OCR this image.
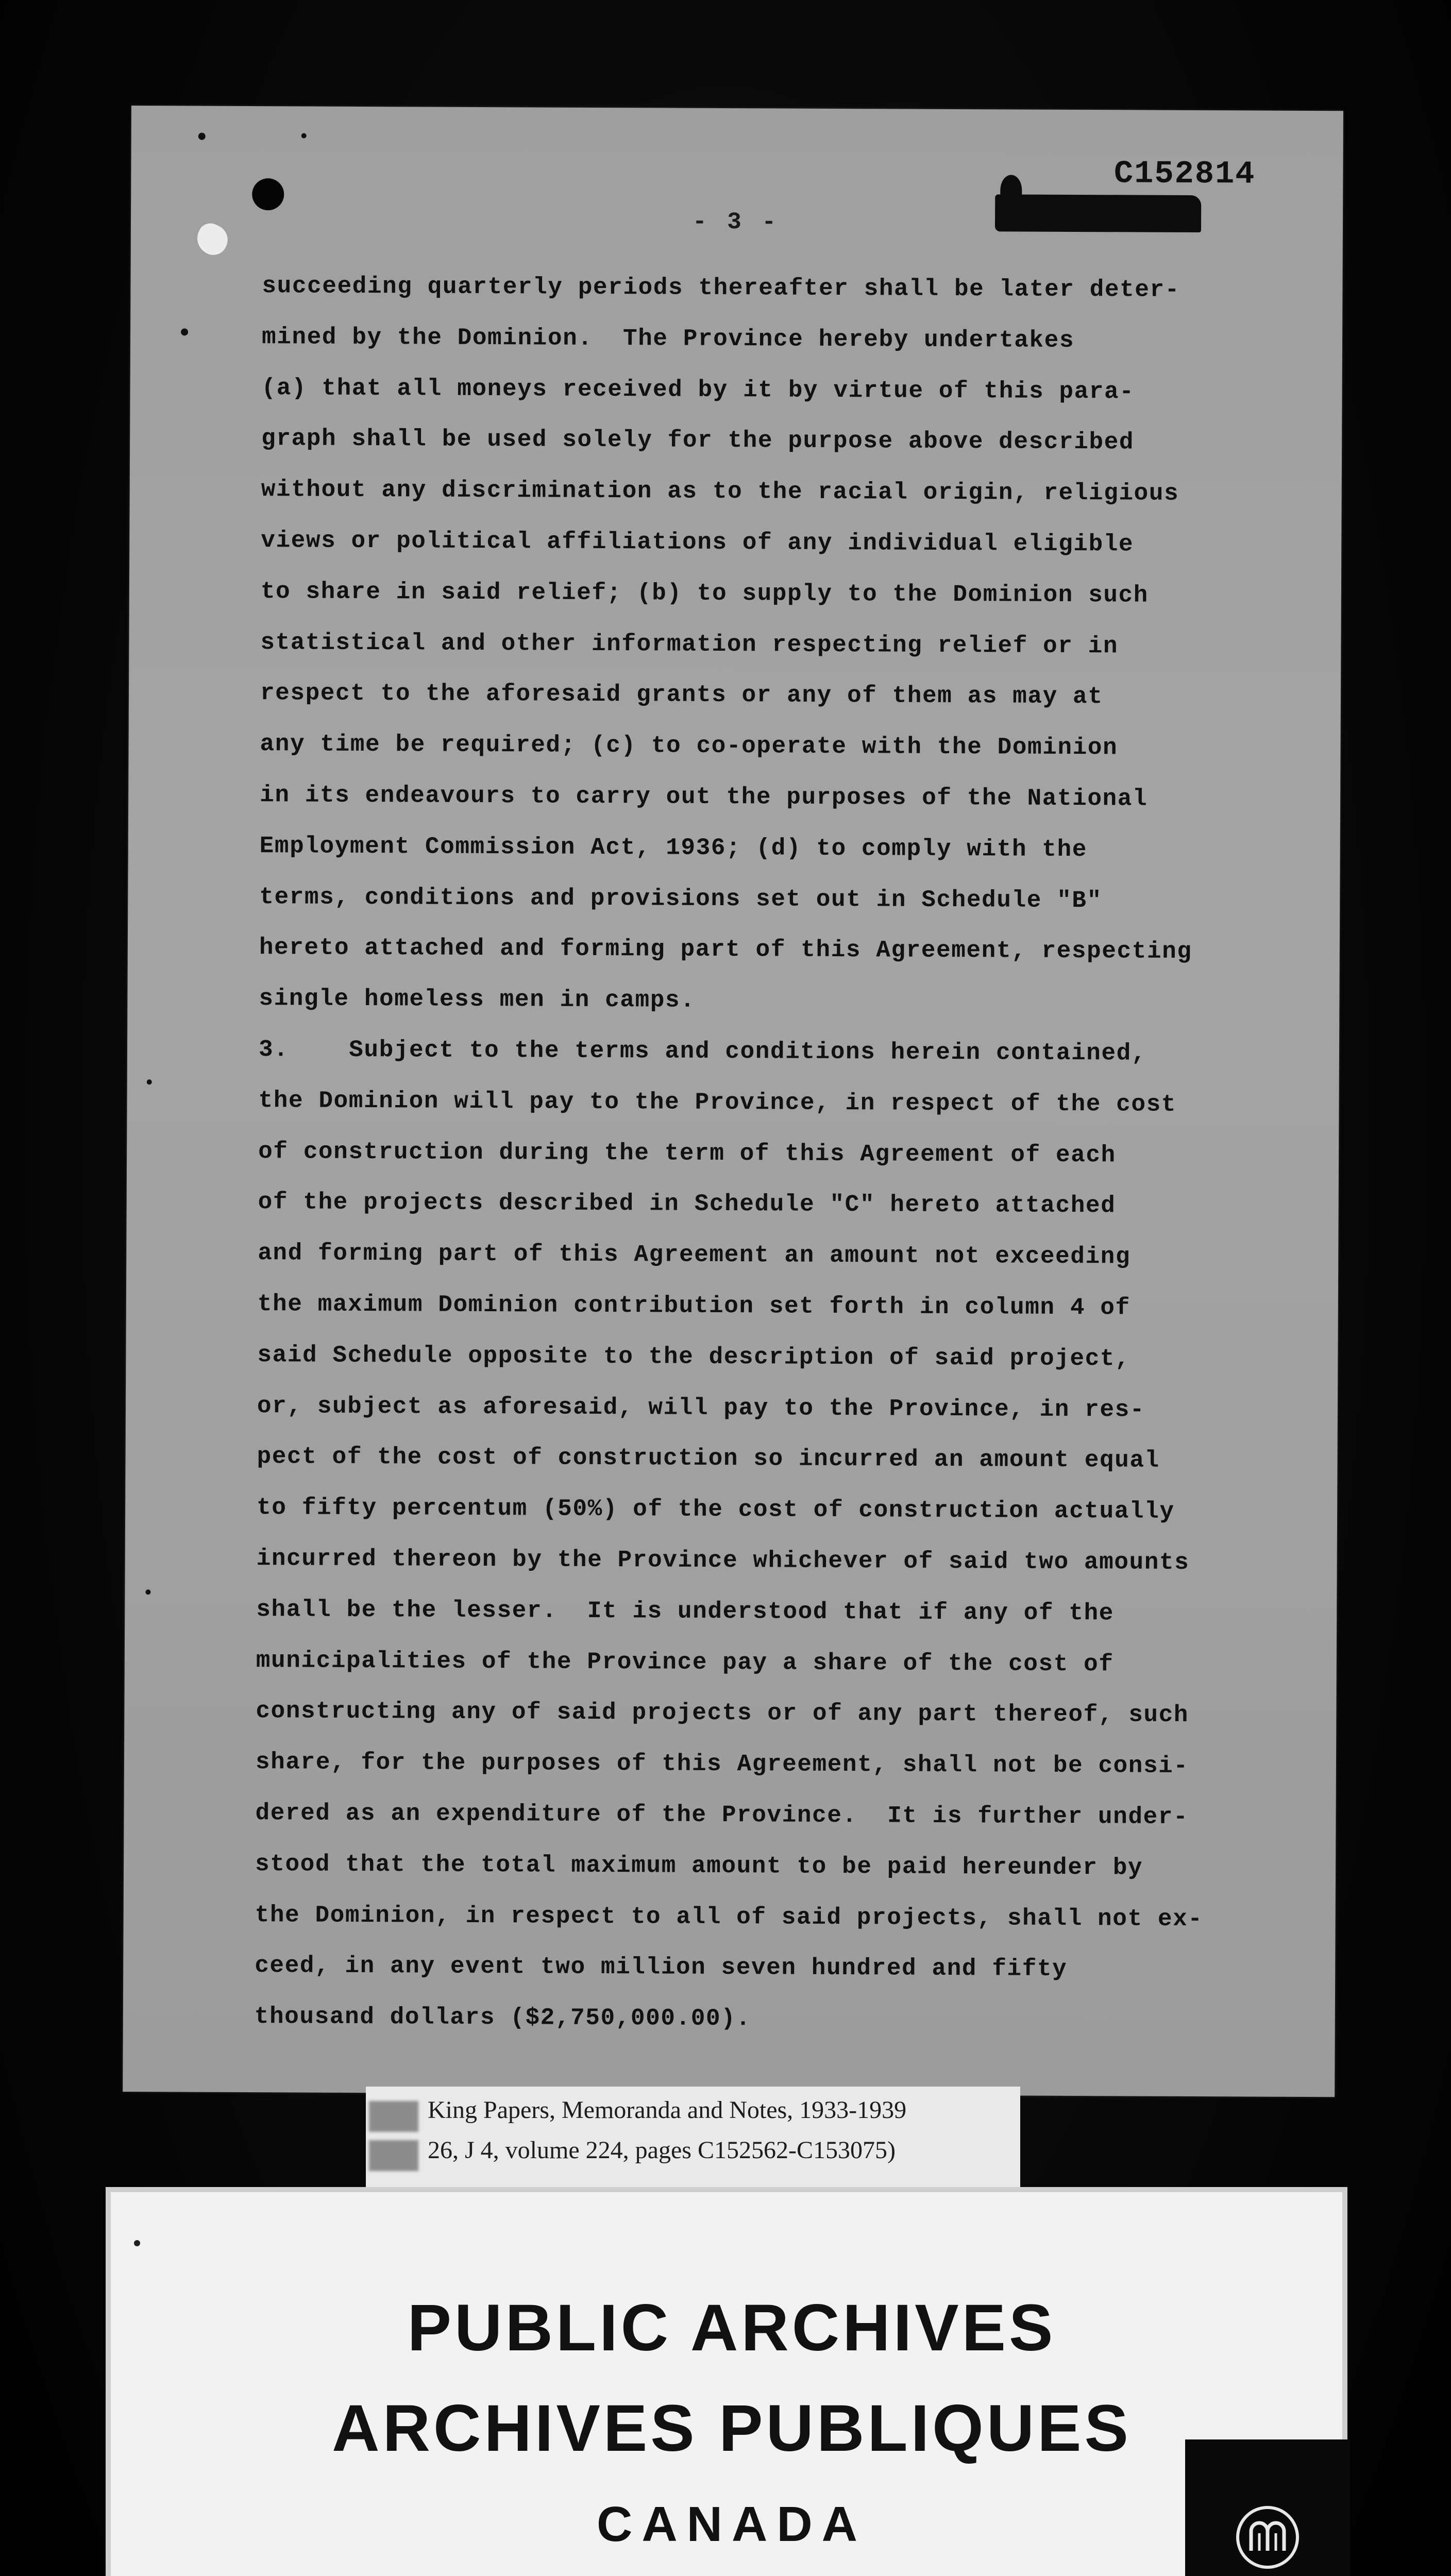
C152814
- 3 -
succeeding quarterly periods thereafter shall be later deter-
mined by the Dominion.  The Province hereby undertakes
(a) that all moneys received by it by virtue of this para-
graph shall be used solely for the purpose above described
without any discrimination as to the racial origin, religious
views or political affiliations of any individual eligible
to share in said relief; (b) to supply to the Dominion such
statistical and other information respecting relief or in
respect to the aforesaid grants or any of them as may at
any time be required; (c) to co-operate with the Dominion
in its endeavours to carry out the purposes of the National
Employment Commission Act, 1936; (d) to comply with the
terms, conditions and provisions set out in Schedule "B"
hereto attached and forming part of this Agreement, respecting
single homeless men in camps.
3.    Subject to the terms and conditions herein contained,
the Dominion will pay to the Province, in respect of the cost
of construction during the term of this Agreement of each
of the projects described in Schedule "C" hereto attached
and forming part of this Agreement an amount not exceeding
the maximum Dominion contribution set forth in column 4 of
said Schedule opposite to the description of said project,
or, subject as aforesaid, will pay to the Province, in res-
pect of the cost of construction so incurred an amount equal
to fifty percentum (50%) of the cost of construction actually
incurred thereon by the Province whichever of said two amounts
shall be the lesser.  It is understood that if any of the
municipalities of the Province pay a share of the cost of
constructing any of said projects or of any part thereof, such
share, for the purposes of this Agreement, shall not be consi-
dered as an expenditure of the Province.  It is further under-
stood that the total maximum amount to be paid hereunder by
the Dominion, in respect to all of said projects, shall not ex-
ceed, in any event two million seven hundred and fifty
thousand dollars ($2,750,000.00).
King Papers, Memoranda and Notes, 1933-1939
26, J 4, volume 224, pages C152562-C153075)
PUBLIC ARCHIVES
ARCHIVES PUBLIQUES
CANADA
